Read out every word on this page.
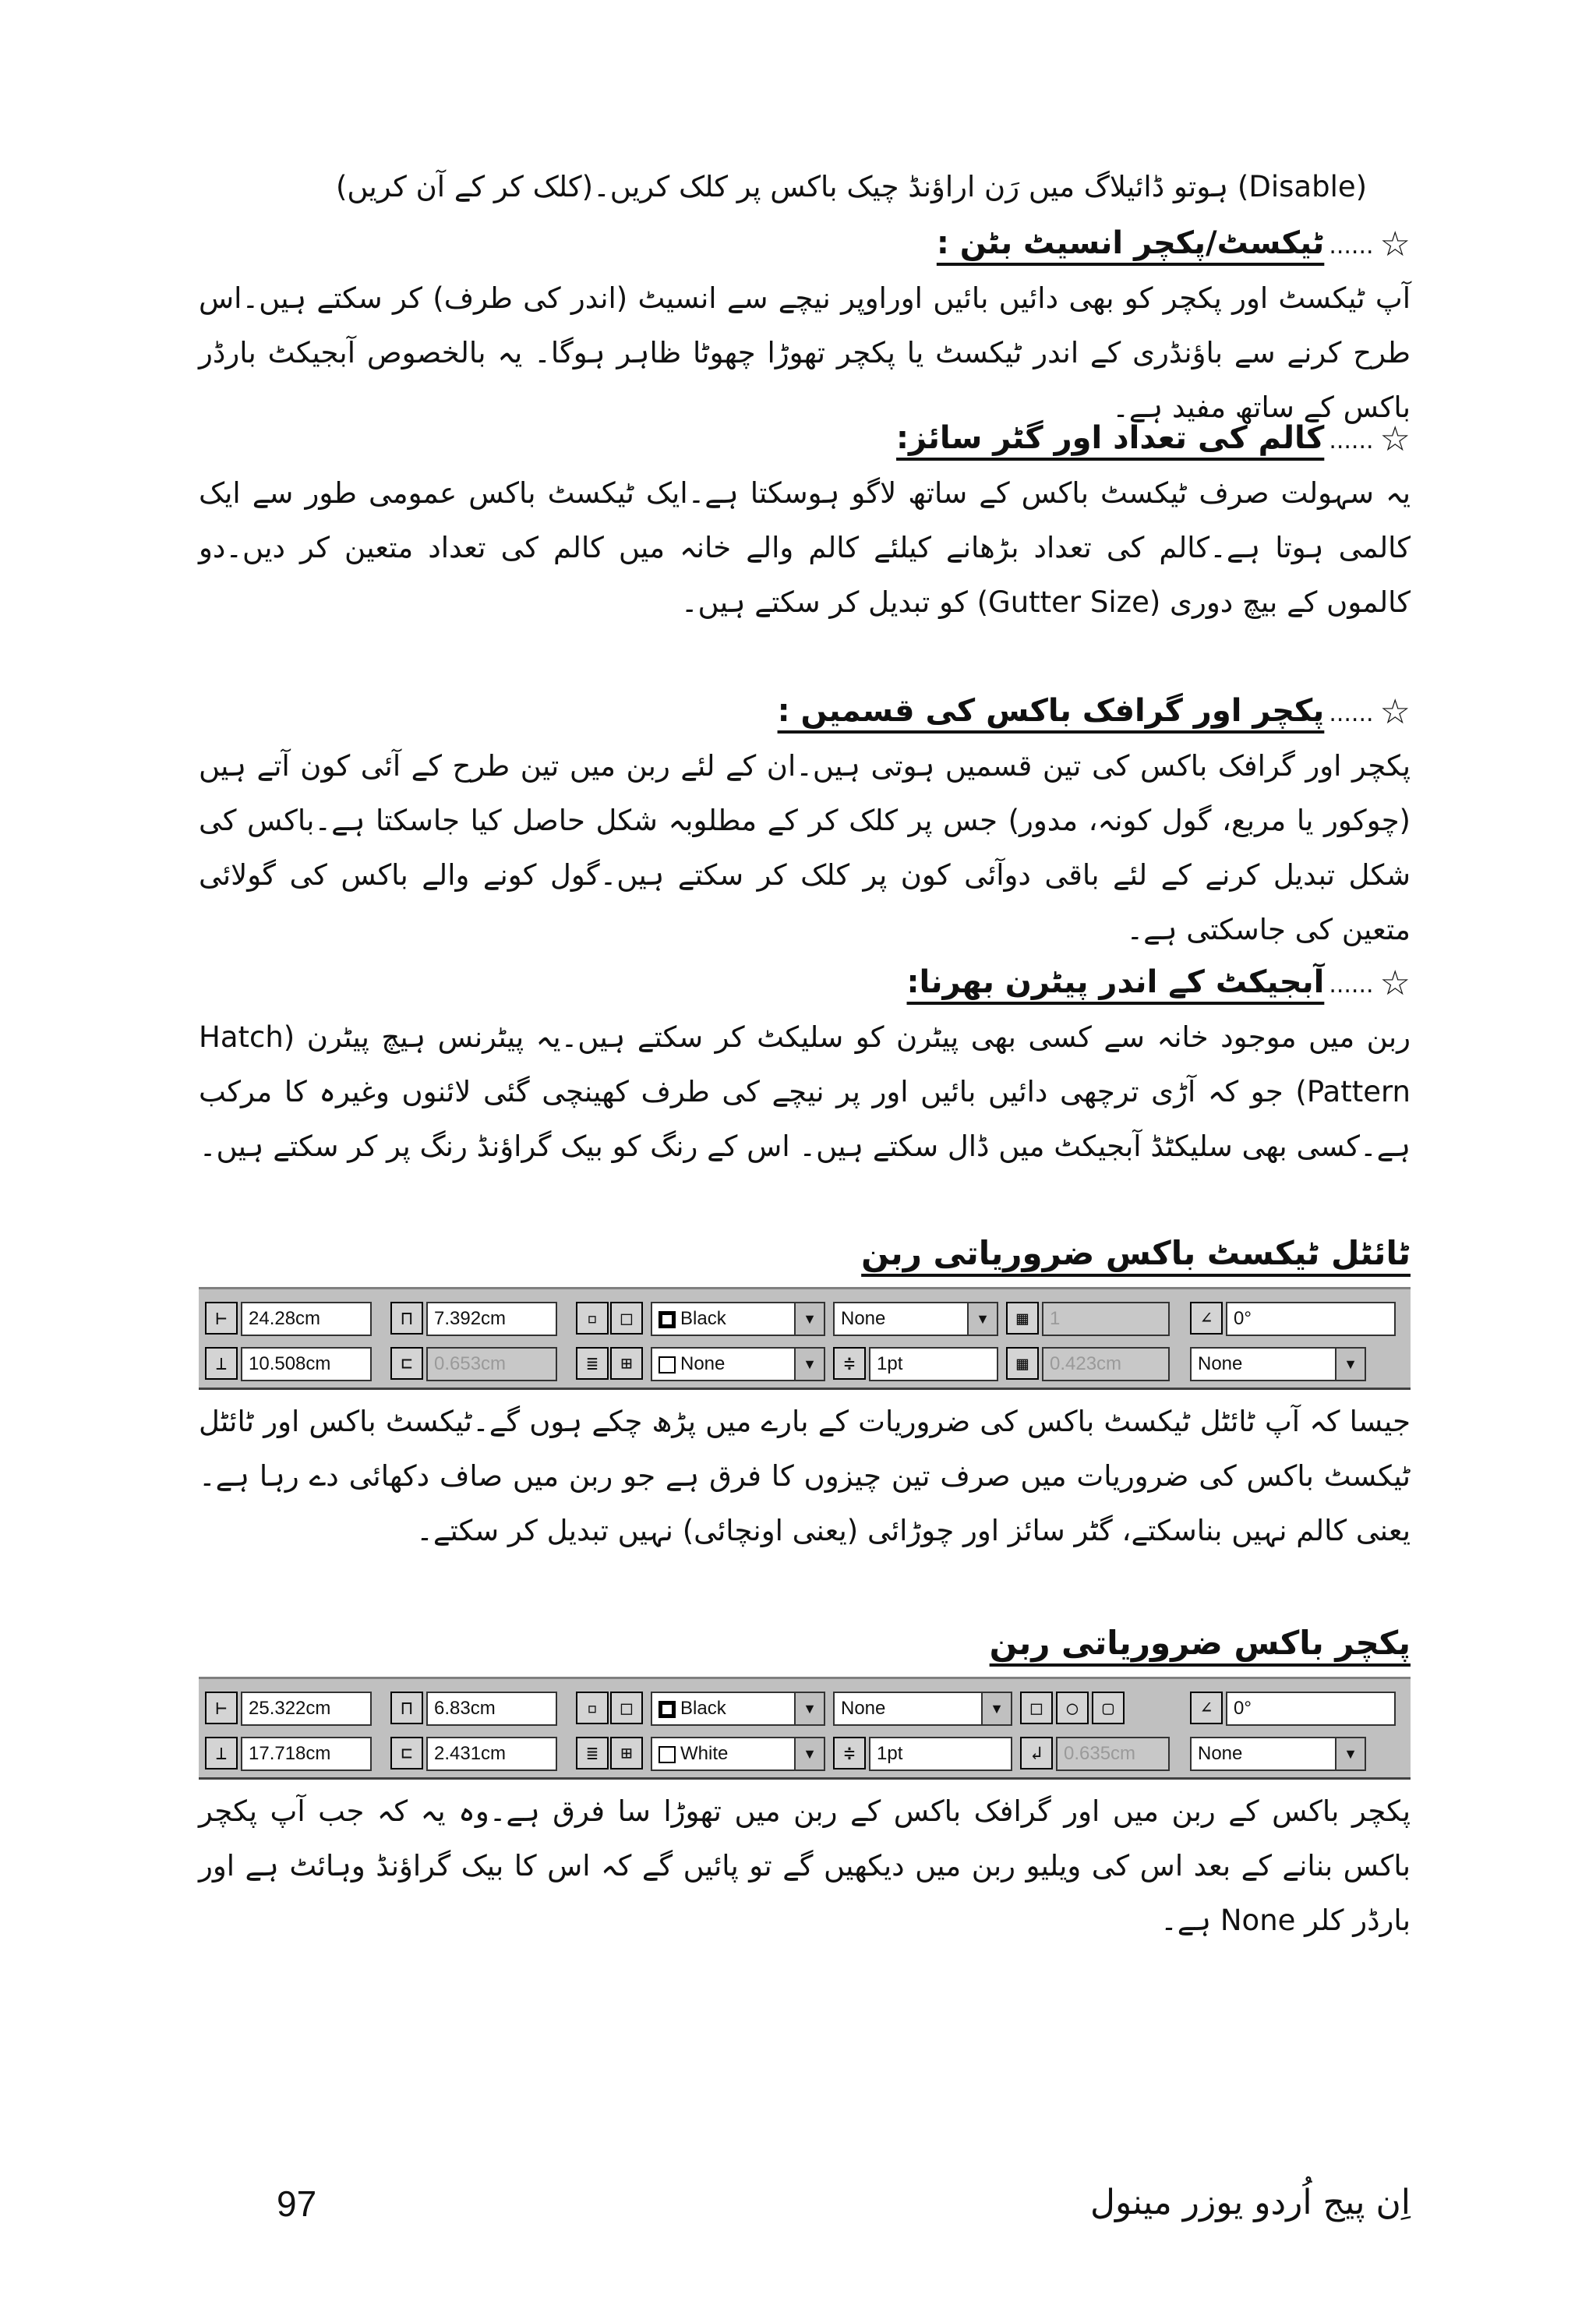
(Disable) ہوتو ڈائیلاگ میں رَن اراؤنڈ چیک باکس پر کلک کریں۔(کلک کر کے آن کریں)

☆......ٹیکسٹ/پکچر انسیٹ بٹن :

آپ ٹیکسٹ اور پکچر کو بھی دائیں بائیں اوراوپر نیچے سے انسیٹ (اندر کی طرف) کر سکتے ہیں۔اس طرح کرنے سے باؤنڈری کے اندر ٹیکسٹ یا پکچر تھوڑا چھوٹا ظاہر ہوگا۔ یہ بالخصوص آبجیکٹ بارڈر باکس کے ساتھ مفید ہے۔

☆......کالم کی تعداد اور گٹر سائز:

یہ سہولت صرف ٹیکسٹ باکس کے ساتھ لاگو ہوسکتا ہے۔ایک ٹیکسٹ باکس عمومی طور سے ایک کالمی ہوتا ہے۔کالم کی تعداد بڑھانے کیلئے کالم والے خانہ میں کالم کی تعداد متعین کر دیں۔دو کالموں کے بیچ دوری (Gutter Size) کو تبدیل کر سکتے ہیں۔

☆......پکچر اور گرافک باکس کی قسمیں :

پکچر اور گرافک باکس کی تین قسمیں ہوتی ہیں۔ان کے لئے ربن میں تین طرح کے آئی کون آتے ہیں (چوکور یا مربع، گول کونہ، مدور) جس پر کلک کر کے مطلوبہ شکل حاصل کیا جاسکتا ہے۔باکس کی شکل تبدیل کرنے کے لئے باقی دوآئی کون پر کلک کر سکتے ہیں۔گول کونے والے باکس کی گولائی متعین کی جاسکتی ہے۔

☆......آبجیکٹ کے اندر پیٹرن بھرنا:

ربن میں موجود خانہ سے کسی بھی پیٹرن کو سلیکٹ کر سکتے ہیں۔یہ پیٹرنس ہیچ پیٹرن (Hatch Pattern) جو کہ آڑی ترچھی دائیں بائیں اور پر نیچے کی طرف کھینچی گئی لائنوں وغیرہ کا مرکب ہے۔کسی بھی سلیکٹڈ آبجیکٹ میں ڈال سکتے ہیں۔ اس کے رنگ کو بیک گراؤنڈ رنگ پر کر سکتے ہیں۔

ٹائٹل ٹیکسٹ باکس ضروریاتی ربن
⊢	24.28cm	⊓	7.392cm	▫	□	Black	▼	None	▼	▦	1	∠	0°
⊥	10.508cm	⊏	0.653cm	≣	⊞	None	▼	≑	1pt	▦	0.423cm	None	▼

جیسا کہ آپ ٹائٹل ٹیکسٹ باکس کی ضروریات کے بارے میں پڑھ چکے ہوں گے۔ٹیکسٹ باکس اور ٹائٹل ٹیکسٹ باکس کی ضروریات میں صرف تین چیزوں کا فرق ہے جو ربن میں صاف دکھائی دے رہا ہے۔یعنی کالم نہیں بناسکتے، گٹر سائز اور چوڑائی (یعنی اونچائی) نہیں تبدیل کر سکتے۔

پکچر باکس ضروریاتی ربن
⊢	25.322cm	⊓	6.83cm	▫	□	Black	▼	None	▼	□	○	▢	∠	0°
⊥	17.718cm	⊏	2.431cm	≣	⊞	White	▼	≑	1pt	↲	0.635cm	None	▼

پکچر باکس کے ربن میں اور گرافک باکس کے ربن میں تھوڑا سا فرق ہے۔وہ یہ کہ جب آپ پکچر باکس بنانے کے بعد اس کی ویلیو ربن میں دیکھیں گے تو پائیں گے کہ اس کا بیک گراؤنڈ وہائٹ ہے اور بارڈر کلر None ہے۔

97	اِن پیج اُردو یوزر مینول
